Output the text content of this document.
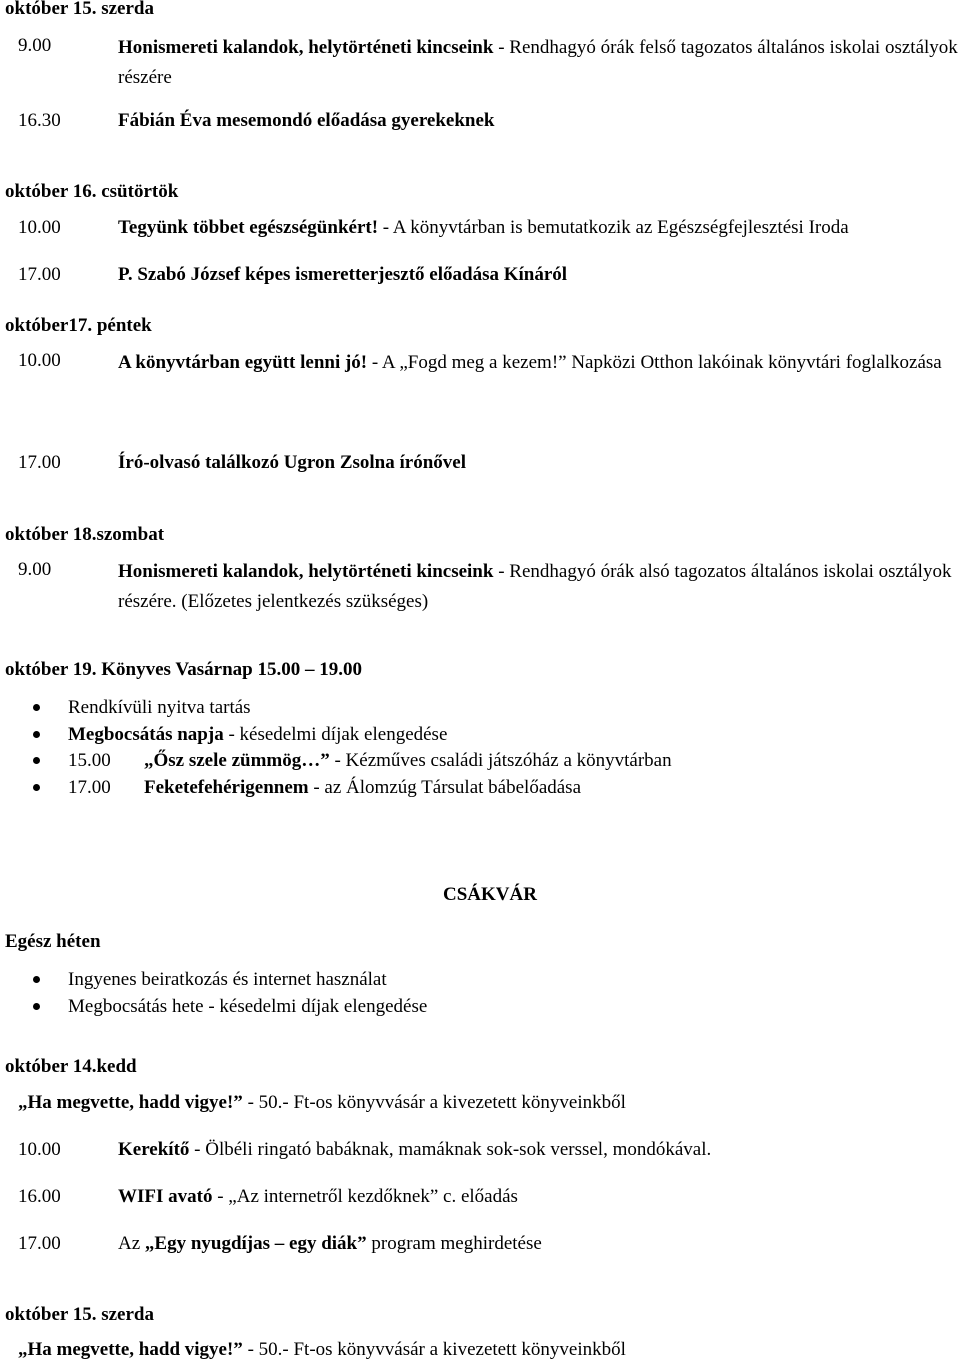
október 15. szerda
9.00	Honismereti kalandok, helytörténeti kincseink - Rendhagyó órák felső tagozatos általános iskolai osztályok részére
16.30	Fábián Éva mesemondó előadása gyerekeknek
október 16. csütörtök
10.00	Tegyünk többet egészségünkért! - A könyvtárban is bemutatkozik az Egészségfejlesztési Iroda
17.00	P. Szabó József képes ismeretterjesztő előadása Kínáról
október17. péntek
10.00	A könyvtárban együtt lenni jó! - A „Fogd meg a kezem!” Napközi Otthon lakóinak könyvtári foglalkozása
17.00	Író-olvasó találkozó Ugron Zsolna írónővel
október 18.szombat
9.00	Honismereti kalandok, helytörténeti kincseink - Rendhagyó órák alsó tagozatos általános iskolai osztályok részére. (Előzetes jelentkezés szükséges)
október 19. Könyves Vasárnap 15.00 – 19.00
Rendkívüli nyitva tartás
Megbocsátás napja - késedelmi díjak elengedése
15.00 „Ősz szele zümmög…” - Kézműves családi játszóház a könyvtárban
17.00 Feketefehérigennem - az Álomzúg Társulat bábelőadása
CSÁKVÁR
Egész héten
Ingyenes beiratkozás és internet használat
Megbocsátás hete - késedelmi díjak elengedése
október 14.kedd
„Ha megvette, hadd vigye!” - 50.- Ft-os könyvvásár a kivezetett könyveinkből
10.00	Kerekítő - Ölbéli ringató babáknak, mamáknak sok-sok verssel, mondókával.
16.00	WIFI avató - „Az internetről kezdőknek” c. előadás
17.00	Az „Egy nyugdíjas – egy diák” program meghirdetése
október 15. szerda
„Ha megvette, hadd vigye!” - 50.- Ft-os könyvvásár a kivezetett könyveinkből
